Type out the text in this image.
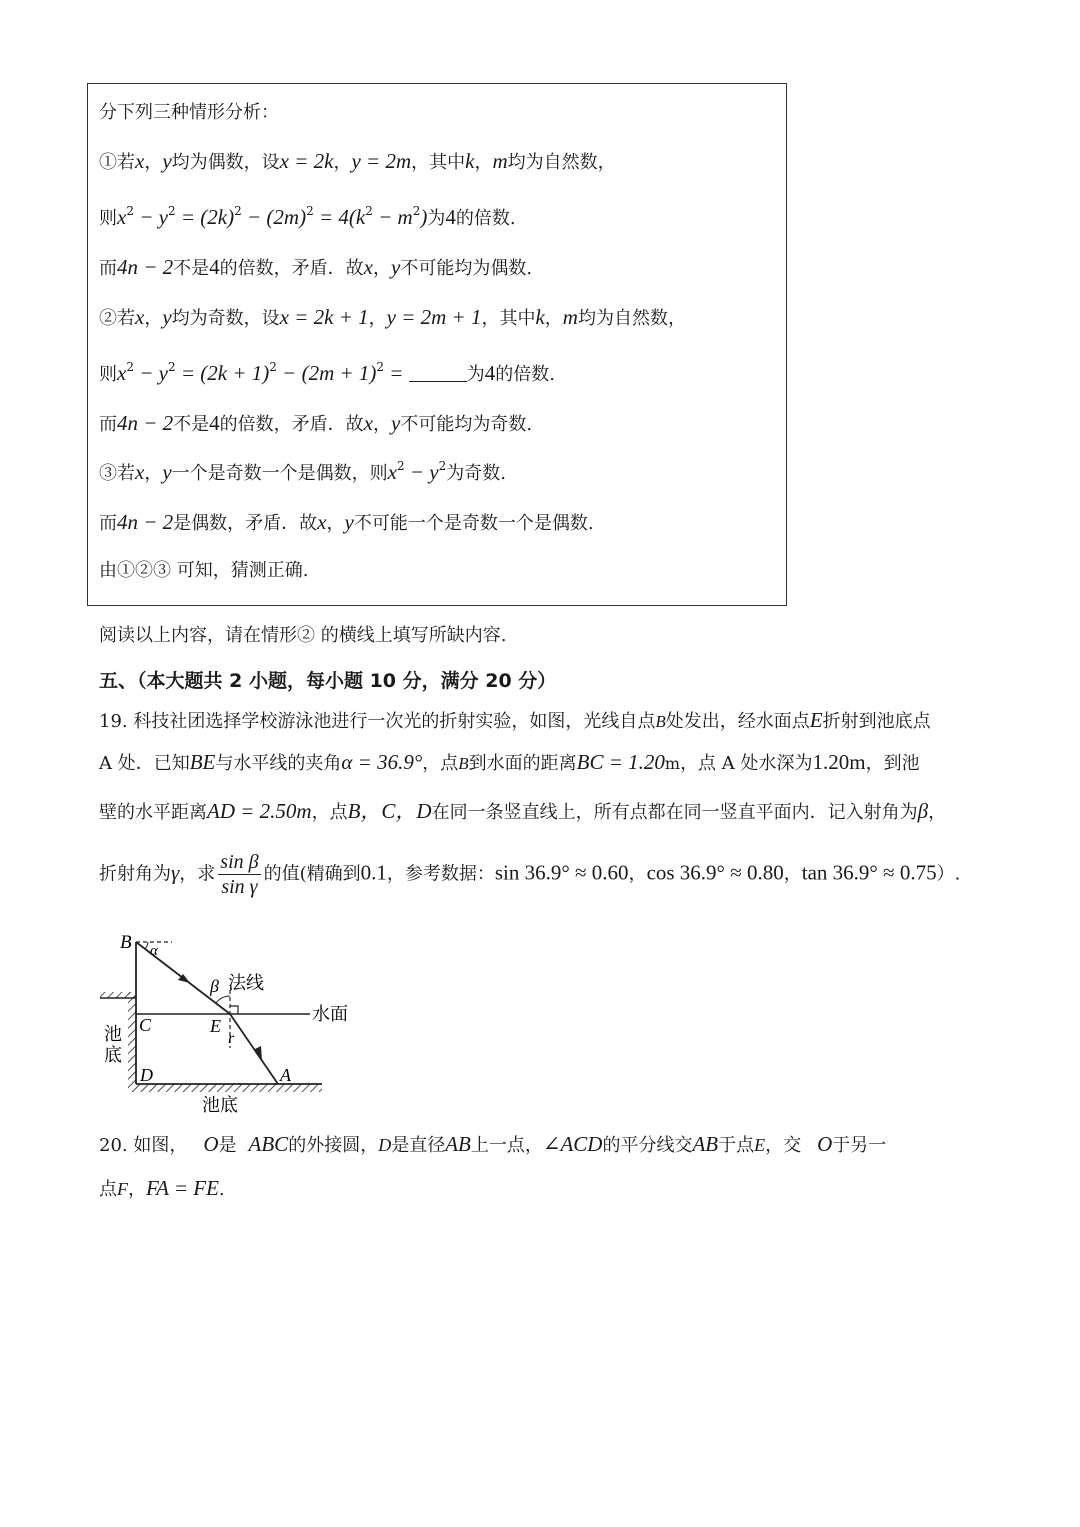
分下列三种情形分析：
①若x，y均为偶数，设x = 2k，y = 2m，其中k，m均为自然数，
则$x^2 - y^2 = (2k)^2 - (2m)^2 = 4(k^2 - m^2)$为4的倍数.
而4n − 2不是4的倍数，矛盾．故x，y不可能均为偶数.
②若x，y均为奇数，设x = 2k + 1，y = 2m + 1，其中k，m均为自然数，
则$x^2 - y^2 = (2k + 1)^2 - (2m + 1)^2$ =	为4的倍数.
而4n − 2不是4的倍数，矛盾．故x，y不可能均为奇数.
③若x，y一个是奇数一个是偶数，则$x^2 - y^2$为奇数.
而4n − 2是偶数，矛盾．故x，y不可能一个是奇数一个是偶数.
由①②③ 可知，猜测正确.
阅读以上内容，请在情形② 的横线上填写所缺内容.
五、（本大题共 2 小题，每小题 10 分，满分 20 分）
19. 科技社团选择学校游泳池进行一次光的折射实验，如图，光线自点B处发出，经水面点E折射到池底点
A 处．已知BE与水平线的夹角α = 36.9°，点B到水面的距离BC = 1.20m，点 A 处水深为1.20m，到池
壁的水平距离AD = 2.50m，点B，C，D在同一条竖直线上，所有点都在同一竖直平面内．记入射角为β，
折射角为γ，求 $\frac{\text{sin β}}{\text{sin γ}}$ 的值(精确到0.1，参考数据：sin 36.9° ≈ 0.60，cos 36.9° ≈ 0.80，tan 36.9° ≈ 0.75）.
B α
β 法线
水面
C	E
r
池
底
D	A
池底
20. 如图， O是 ABC的外接圆，D是直径AB上一点，∠ACD的平分线交AB于点E，交 O于另一
点F，FA = FE.
